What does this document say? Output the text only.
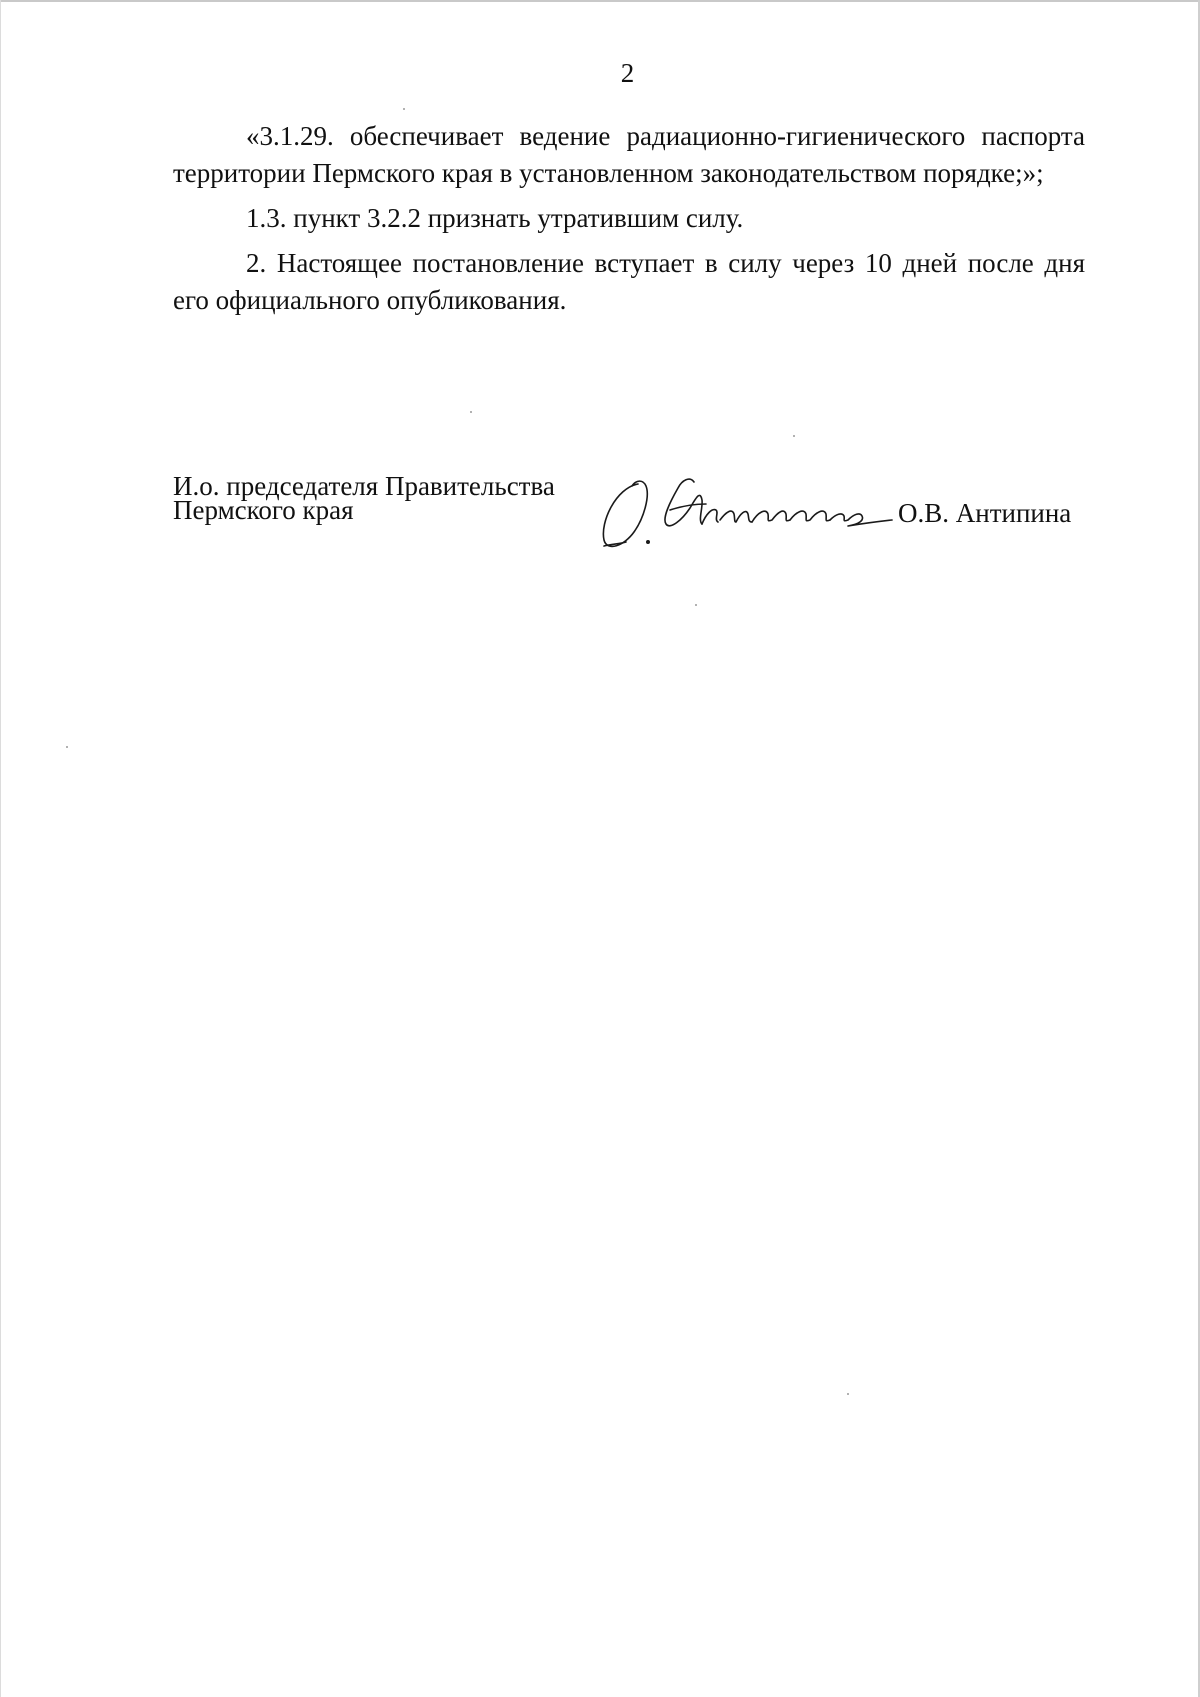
2

«3.1.29. обеспечивает ведение радиационно-гигиенического паспорта территории Пермского края в установленном законодательством порядке;»;

1.3. пункт 3.2.2 признать утратившим силу.

2. Настоящее постановление вступает в силу через 10 дней после дня его официального опубликования.

И.о. председателя Правительства
Пермского края	О.В. Антипина
